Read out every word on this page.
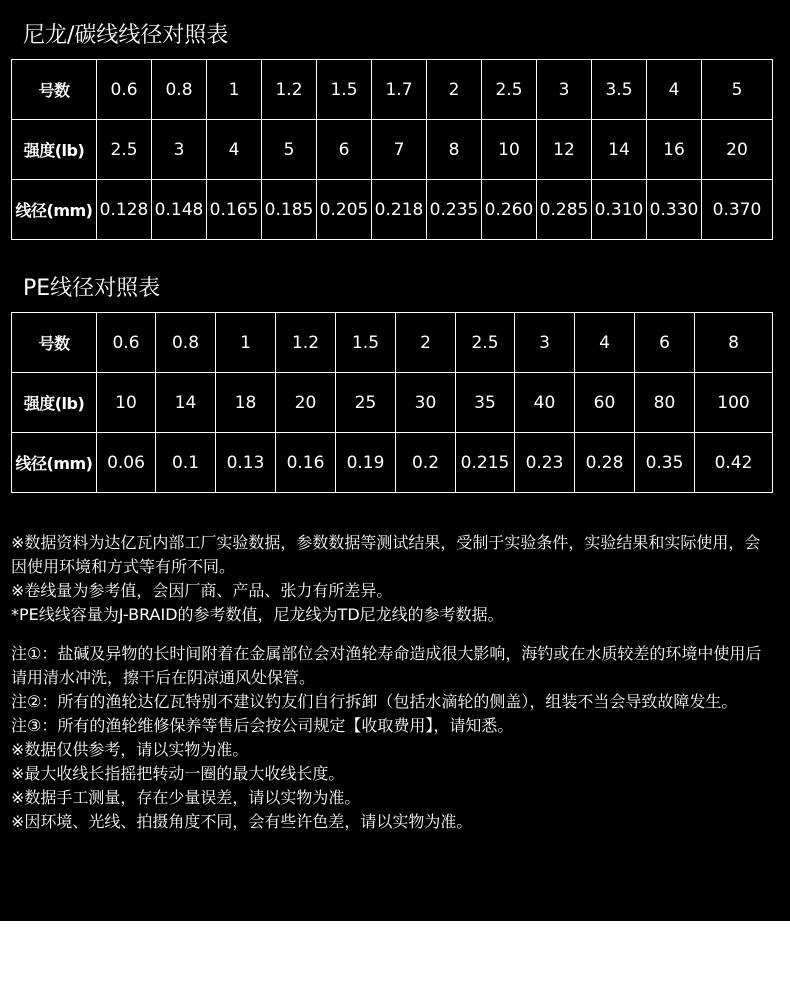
尼龙/碳线线径对照表
号数	0.6	0.8	1	1.2	1.5	1.7	2	2.5	3	3.5	4	5
强度(lb)	2.5	3	4	5	6	7	8	10	12	14	16	20
线径(mm)	0.128	0.148	0.165	0.185	0.205	0.218	0.235	0.260	0.285	0.310	0.330	0.370
PE线径对照表
号数	0.6	0.8	1	1.2	1.5	2	2.5	3	4	6	8
强度(lb)	10	14	18	20	25	30	35	40	60	80	100
线径(mm)	0.06	0.1	0.13	0.16	0.19	0.2	0.215	0.23	0.28	0.35	0.42

※数据资料为达亿瓦内部工厂实验数据，参数数据等测试结果，受制于实验条件，实验结果和实际使用，会因使用环境和方式等有所不同。

※卷线量为参考值，会因厂商、产品、张力有所差异。

*PE线线容量为J-BRAID的参考数值，尼龙线为TD尼龙线的参考数据。

注①：盐碱及异物的长时间附着在金属部位会对渔轮寿命造成很大影响，海钓或在水质较差的环境中使用后请用清水冲洗，擦干后在阴凉通风处保管。

注②：所有的渔轮达亿瓦特别不建议钓友们自行拆卸（包括水滴轮的侧盖），组装不当会导致故障发生。

注③：所有的渔轮维修保养等售后会按公司规定【收取费用】，请知悉。

※数据仅供参考，请以实物为准。

※最大收线长指摇把转动一圈的最大收线长度。

※数据手工测量，存在少量误差，请以实物为准。

※因环境、光线、拍摄角度不同，会有些许色差，请以实物为准。
